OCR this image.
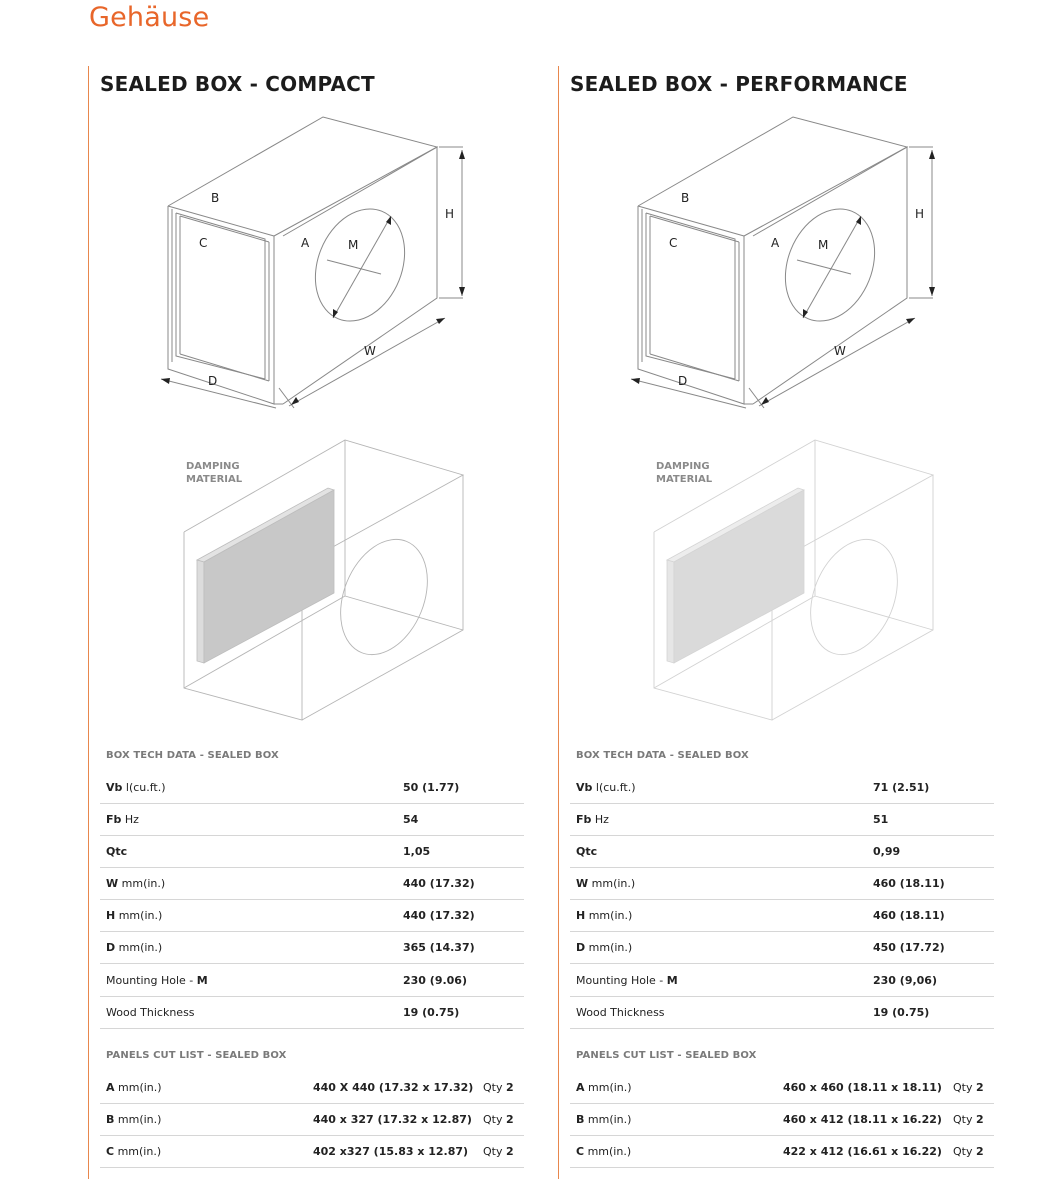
Gehäuse
SEALED BOX - COMPACT
B
C	A	M
H
W
D
DAMPING
MATERIAL
BOX TECH DATA - SEALED BOX
Vb l(cu.ft.)	50 (1.77)
Fb Hz	54
Qtc	1,05
W mm(in.)	440 (17.32)
H mm(in.)	440 (17.32)
D mm(in.)	365 (14.37)
Mounting Hole - M	230 (9.06)
Wood Thickness	19 (0.75)
PANELS CUT LIST - SEALED BOX
A mm(in.)	440 X 440 (17.32 x 17.32) Qty 2
B mm(in.)	440 x 327 (17.32 x 12.87) Qty 2
C mm(in.)	402 x327 (15.83 x 12.87) Qty 2
SEALED BOX - PERFORMANCE
B
C	A	M
H
W
D
DAMPING
MATERIAL
BOX TECH DATA - SEALED BOX
Vb l(cu.ft.)	71 (2.51)
Fb Hz	51
Qtc	0,99
W mm(in.)	460 (18.11)
H mm(in.)	460 (18.11)
D mm(in.)	450 (17.72)
Mounting Hole - M	230 (9,06)
Wood Thickness	19 (0.75)
PANELS CUT LIST - SEALED BOX
A mm(in.)	460 x 460 (18.11 x 18.11) Qty 2
B mm(in.)	460 x 412 (18.11 x 16.22) Qty 2
C mm(in.)	422 x 412 (16.61 x 16.22) Qty 2
